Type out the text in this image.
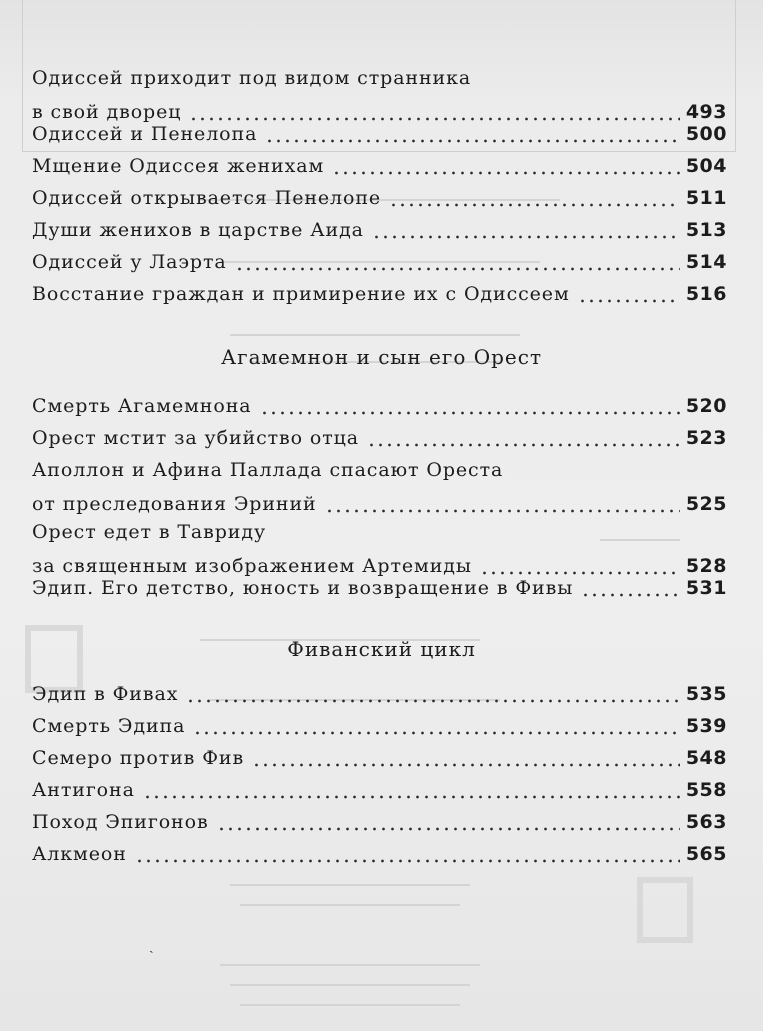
Одиссей приходит под видом странника
в свой дворец	493
Одиссей и Пенелопа	500
Мщение Одиссея женихам	504
Одиссей открывается Пенелопе	511
Души женихов в царстве Аида	513
Одиссей у Лаэрта	514
Восстание граждан и примирение их с Одиссеем	516
Агамемнон и сын его Орест
Смерть Агамемнона	520
Орест мстит за убийство отца	523
Аполлон и Афина Паллада спасают Ореста
от преследования Эриний	525
Орест едет в Тавриду
за священным изображением Артемиды	528
Эдип. Его детство, юность и возвращение в Фивы	531
Фиванский цикл
Эдип в Фивах	535
Смерть Эдипа	539
Семеро против Фив	548
Антигона	558
Поход Эпигонов	563
Алкмеон	565
ˎ
